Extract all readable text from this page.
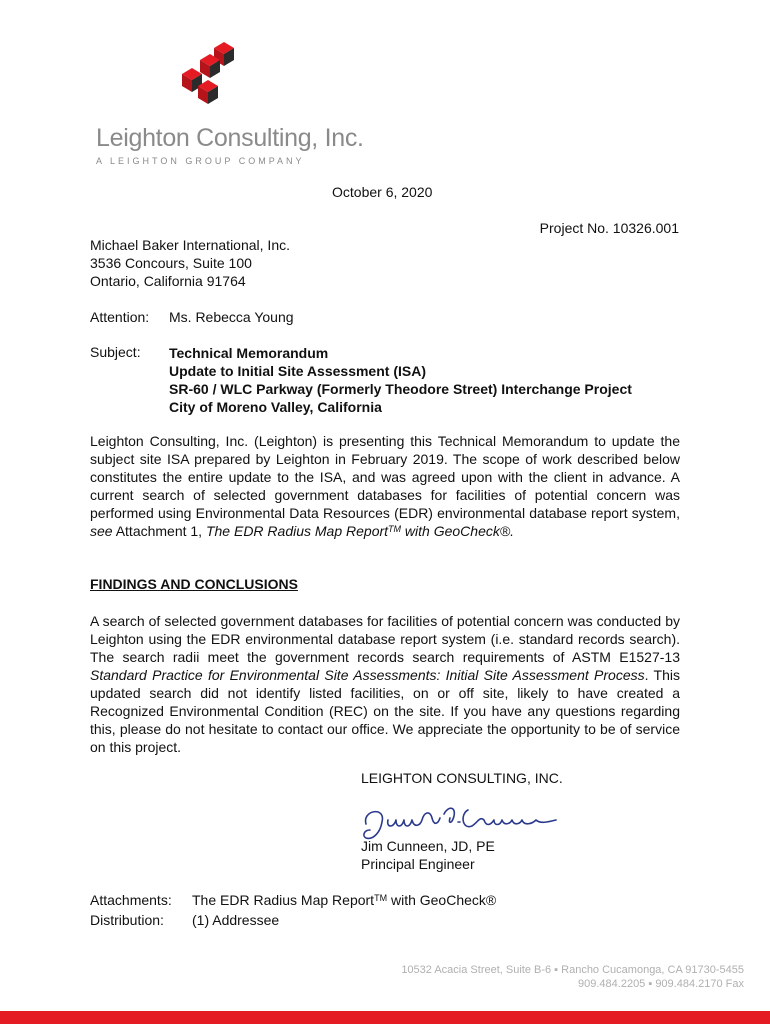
Leighton Consulting, Inc.
A LEIGHTON GROUP COMPANY
October 6, 2020
Project No. 10326.001
Michael Baker International, Inc.
3536 Concours, Suite 100
Ontario, California 91764
Attention: Ms. Rebecca Young
Subject: Technical Memorandum
Update to Initial Site Assessment (ISA)
SR-60 / WLC Parkway (Formerly Theodore Street) Interchange Project
City of Moreno Valley, California
Leighton Consulting, Inc. (Leighton) is presenting this Technical Memorandum to update the subject site ISA prepared by Leighton in February 2019. The scope of work described below constitutes the entire update to the ISA, and was agreed upon with the client in advance. A current search of selected government databases for facilities of potential concern was performed using Environmental Data Resources (EDR) environmental database report system, see Attachment 1, The EDR Radius Map Report™ with GeoCheck®.
FINDINGS AND CONCLUSIONS
A search of selected government databases for facilities of potential concern was conducted by Leighton using the EDR environmental database report system (i.e. standard records search). The search radii meet the government records search requirements of ASTM E1527-13 Standard Practice for Environmental Site Assessments: Initial Site Assessment Process. This updated search did not identify listed facilities, on or off site, likely to have created a Recognized Environmental Condition (REC) on the site. If you have any questions regarding this, please do not hesitate to contact our office. We appreciate the opportunity to be of service on this project.
LEIGHTON CONSULTING, INC.
Jim Cunneen, JD, PE
Principal Engineer
Attachments:
Distribution:
The EDR Radius Map Report™ with GeoCheck®
(1) Addressee
10532 Acacia Street, Suite B-6 ▪ Rancho Cucamonga, CA 91730-5455
909.484.2205 ▪ 909.484.2170 Fax
